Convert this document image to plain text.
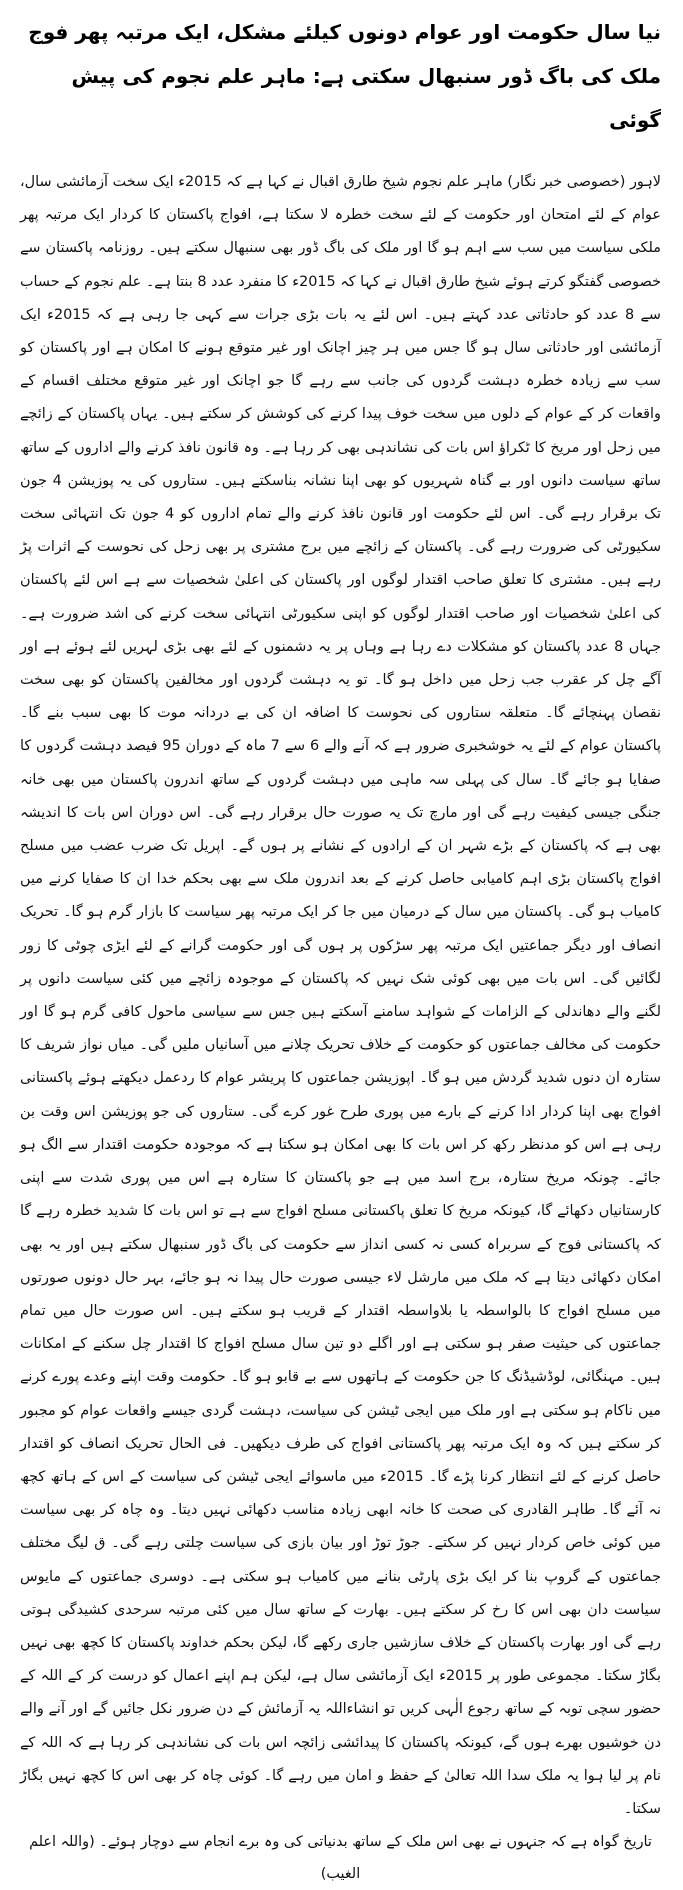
نیا سال حکومت اور عوام دونوں کیلئے مشکل، ایک مرتبہ پھر فوج ملک کی باگ ڈور سنبھال سکتی ہے: ماہر علم نجوم کی پیش گوئی

لاہور (خصوصی خبر نگار) ماہر علم نجوم شیخ طارق اقبال نے کہا ہے کہ 2015ء ایک سخت آزمائشی سال، عوام کے لئے امتحان اور حکومت کے لئے سخت خطرہ لا سکتا ہے، افواج پاکستان کا کردار ایک مرتبہ پھر ملکی سیاست میں سب سے اہم ہو گا اور ملک کی باگ ڈور بھی سنبھال سکتے ہیں۔ روزنامہ پاکستان سے خصوصی گفتگو کرتے ہوئے شیخ طارق اقبال نے کہا کہ 2015ء کا منفرد عدد 8 بنتا ہے۔ علم نجوم کے حساب سے 8 عدد کو حادثاتی عدد کہتے ہیں۔ اس لئے یہ بات بڑی جرات سے کہی جا رہی ہے کہ 2015ء ایک آزمائشی اور حادثاتی سال ہو گا جس میں ہر چیز اچانک اور غیر متوقع ہونے کا امکان ہے اور پاکستان کو سب سے زیادہ خطرہ دہشت گردوں کی جانب سے رہے گا جو اچانک اور غیر متوقع مختلف اقسام کے واقعات کر کے عوام کے دلوں میں سخت خوف پیدا کرنے کی کوشش کر سکتے ہیں۔ یہاں پاکستان کے زائچے میں زحل اور مریخ کا ٹکراؤ اس بات کی نشاندہی بھی کر رہا ہے۔ وہ قانون نافذ کرنے والے اداروں کے ساتھ ساتھ سیاست دانوں اور بے گناہ شہریوں کو بھی اپنا نشانہ بناسکتے ہیں۔ ستاروں کی یہ پوزیشن 4 جون تک برقرار رہے گی۔ اس لئے حکومت اور قانون نافذ کرنے والے تمام اداروں کو 4 جون تک انتہائی سخت سکیورٹی کی ضرورت رہے گی۔ پاکستان کے زائچے میں برج مشتری پر بھی زحل کی نحوست کے اثرات پڑ رہے ہیں۔ مشتری کا تعلق صاحب اقتدار لوگوں اور پاکستان کی اعلیٰ شخصیات سے ہے اس لئے پاکستان کی اعلیٰ شخصیات اور صاحب اقتدار لوگوں کو اپنی سکیورٹی انتہائی سخت کرنے کی اشد ضرورت ہے۔ جہاں 8 عدد پاکستان کو مشکلات دے رہا ہے وہاں پر یہ دشمنوں کے لئے بھی بڑی لہریں لئے ہوئے ہے اور آگے چل کر عقرب جب زحل میں داخل ہو گا۔ تو یہ دہشت گردوں اور مخالفین پاکستان کو بھی سخت نقصان پہنچائے گا۔ متعلقہ ستاروں کی نحوست کا اضافہ ان کی بے دردانہ موت کا بھی سبب بنے گا۔ پاکستان عوام کے لئے یہ خوشخبری ضرور ہے کہ آنے والے 6 سے 7 ماہ کے دوران 95 فیصد دہشت گردوں کا صفایا ہو جائے گا۔ سال کی پہلی سہ ماہی میں دہشت گردوں کے ساتھ اندرون پاکستان میں بھی خانہ جنگی جیسی کیفیت رہے گی اور مارچ تک یہ صورت حال برقرار رہے گی۔ اس دوران اس بات کا اندیشہ بھی ہے کہ پاکستان کے بڑے شہر ان کے ارادوں کے نشانے پر ہوں گے۔ اپریل تک ضرب عضب میں مسلح افواج پاکستان بڑی اہم کامیابی حاصل کرنے کے بعد اندرون ملک سے بھی بحکم خدا ان کا صفایا کرنے میں کامیاب ہو گی۔ پاکستان میں سال کے درمیان میں جا کر ایک مرتبہ پھر سیاست کا بازار گرم ہو گا۔ تحریک انصاف اور دیگر جماعتیں ایک مرتبہ پھر سڑکوں پر ہوں گی اور حکومت گرانے کے لئے ایڑی چوٹی کا زور لگائیں گی۔ اس بات میں بھی کوئی شک نہیں کہ پاکستان کے موجودہ زائچے میں کئی سیاست دانوں پر لگنے والے دھاندلی کے الزامات کے شواہد سامنے آسکتے ہیں جس سے سیاسی ماحول کافی گرم ہو گا اور حکومت کی مخالف جماعتوں کو حکومت کے خلاف تحریک چلانے میں آسانیاں ملیں گی۔ میاں نواز شریف کا ستارہ ان دنوں شدید گردش میں ہو گا۔ اپوزیشن جماعتوں کا پریشر عوام کا ردعمل دیکھتے ہوئے پاکستانی افواج بھی اپنا کردار ادا کرنے کے بارے میں پوری طرح غور کرے گی۔ ستاروں کی جو پوزیشن اس وقت بن رہی ہے اس کو مدنظر رکھ کر اس بات کا بھی امکان ہو سکتا ہے کہ موجودہ حکومت اقتدار سے الگ ہو جائے۔ چونکہ مریخ ستارہ، برج اسد میں ہے جو پاکستان کا ستارہ ہے اس میں پوری شدت سے اپنی کارستانیاں دکھائے گا، کیونکہ مریخ کا تعلق پاکستانی مسلح افواج سے ہے تو اس بات کا شدید خطرہ رہے گا کہ پاکستانی فوج کے سربراہ کسی نہ کسی انداز سے حکومت کی باگ ڈور سنبھال سکتے ہیں اور یہ بھی امکان دکھائی دیتا ہے کہ ملک میں مارشل لاء جیسی صورت حال پیدا نہ ہو جائے، بہر حال دونوں صورتوں میں مسلح افواج کا بالواسطہ یا بلاواسطہ اقتدار کے قریب ہو سکتے ہیں۔ اس صورت حال میں تمام جماعتوں کی حیثیت صفر ہو سکتی ہے اور اگلے دو تین سال مسلح افواج کا اقتدار چل سکنے کے امکانات ہیں۔ مہنگائی، لوڈشیڈنگ کا جن حکومت کے ہاتھوں سے بے قابو ہو گا۔ حکومت وقت اپنے وعدے پورے کرنے میں ناکام ہو سکتی ہے اور ملک میں ایجی ٹیشن کی سیاست، دہشت گردی جیسے واقعات عوام کو مجبور کر سکتے ہیں کہ وہ ایک مرتبہ پھر پاکستانی افواج کی طرف دیکھیں۔ فی الحال تحریک انصاف کو اقتدار حاصل کرنے کے لئے انتظار کرنا پڑے گا۔ 2015ء میں ماسوائے ایجی ٹیشن کی سیاست کے اس کے ہاتھ کچھ نہ آئے گا۔ طاہر القادری کی صحت کا خانہ ابھی زیادہ مناسب دکھائی نہیں دیتا۔ وہ چاہ کر بھی سیاست میں کوئی خاص کردار نہیں کر سکتے۔ جوڑ توڑ اور بیان بازی کی سیاست چلتی رہے گی۔ ق لیگ مختلف جماعتوں کے گروپ بنا کر ایک بڑی پارٹی بنانے میں کامیاب ہو سکتی ہے۔ دوسری جماعتوں کے مایوس سیاست دان بھی اس کا رخ کر سکتے ہیں۔ بھارت کے ساتھ سال میں کئی مرتبہ سرحدی کشیدگی ہوتی رہے گی اور بھارت پاکستان کے خلاف سازشیں جاری رکھے گا، لیکن بحکم خداوند پاکستان کا کچھ بھی نہیں بگاڑ سکتا۔ مجموعی طور پر 2015ء ایک آزمائشی سال ہے، لیکن ہم اپنے اعمال کو درست کر کے اللہ کے حضور سچی توبہ کے ساتھ رجوع الٰہی کریں تو انشاءاللہ یہ آزمائش کے دن ضرور نکل جائیں گے اور آنے والے دن خوشیوں بھرے ہوں گے، کیونکہ پاکستان کا پیدائشی زائچہ اس بات کی نشاندہی کر رہا ہے کہ اللہ کے نام پر لیا ہوا یہ ملک سدا اللہ تعالیٰ کے حفظ و امان میں رہے گا۔ کوئی چاہ کر بھی اس کا کچھ نہیں بگاڑ سکتا۔

تاریخ گواہ ہے کہ جنہوں نے بھی اس ملک کے ساتھ بدنیاتی کی وہ برے انجام سے دوچار ہوئے۔ (واللہ اعلم الغیب)
